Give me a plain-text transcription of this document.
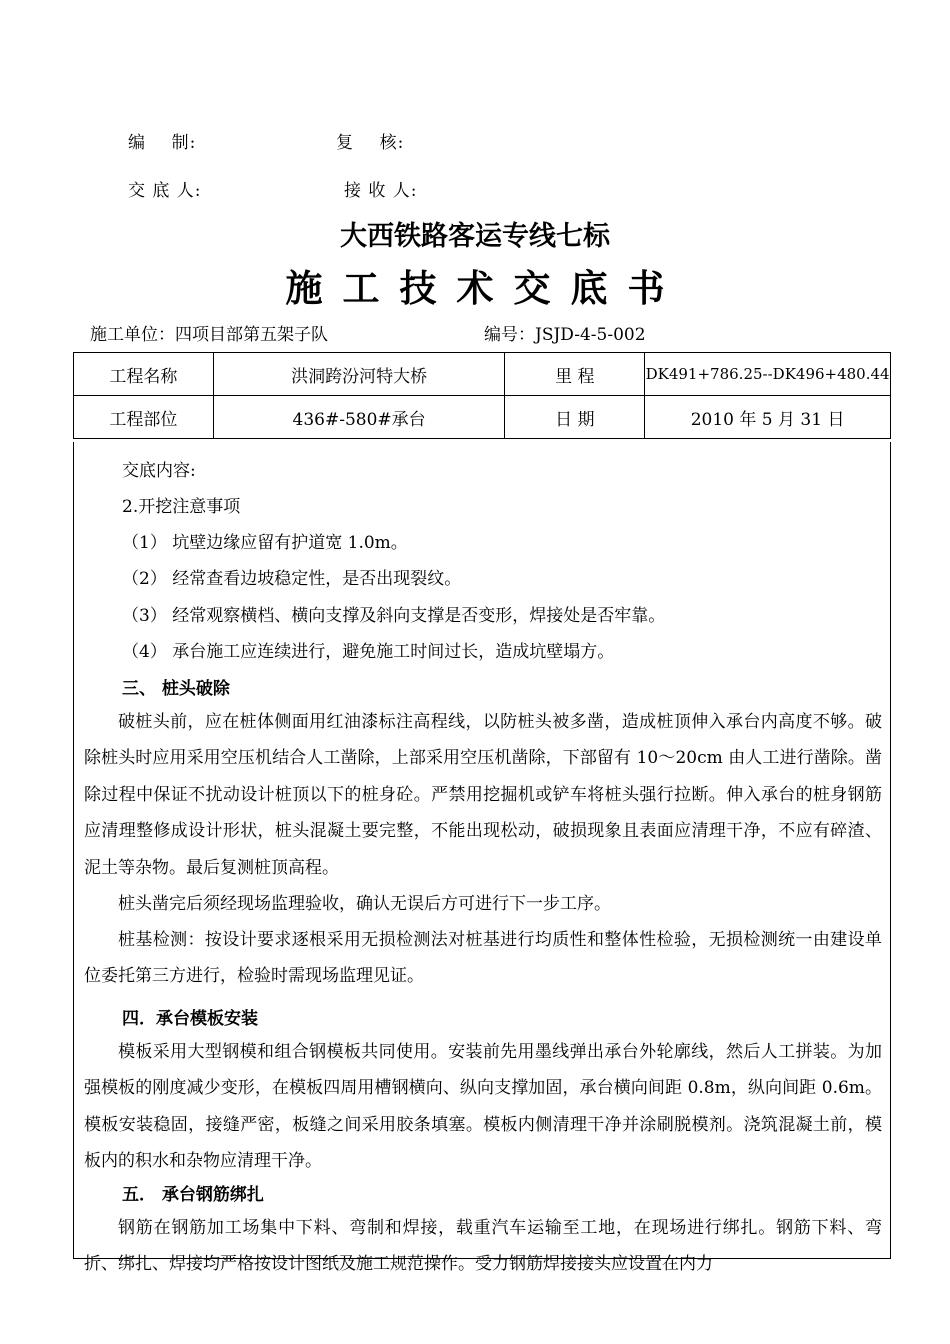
编    制:	复    核:
交 底 人:	接 收 人:
大西铁路客运专线七标
施工技术交底书
施工单位：四项目部第五架子队	编号：JSJD-4-5-002
工程名称	洪洞跨汾河特大桥	里 程	DK491+786.25--DK496+480.44
工程部位	436#-580#承台	日 期	2010 年 5 月 31 日
交底内容:
2.开挖注意事项
（1） 坑壁边缘应留有护道宽 1.0m。
（2） 经常查看边坡稳定性，是否出现裂纹。
（3） 经常观察横档、横向支撑及斜向支撑是否变形，焊接处是否牢靠。
（4） 承台施工应连续进行，避免施工时间过长，造成坑壁塌方。
三、 桩头破除
破桩头前，应在桩体侧面用红油漆标注高程线，以防桩头被多凿，造成桩顶伸入承台内高度不够。破除桩头时应用采用空压机结合人工凿除，上部采用空压机凿除，下部留有 10～20cm 由人工进行凿除。凿除过程中保证不扰动设计桩顶以下的桩身砼。严禁用挖掘机或铲车将桩头强行拉断。伸入承台的桩身钢筋应清理整修成设计形状，桩头混凝土要完整，不能出现松动，破损现象且表面应清理干净，不应有碎渣、泥土等杂物。最后复测桩顶高程。
桩头凿完后须经现场监理验收，确认无误后方可进行下一步工序。
桩基检测：按设计要求逐根采用无损检测法对桩基进行均质性和整体性检验，无损检测统一由建设单位委托第三方进行，检验时需现场监理见证。
四．承台模板安装
模板采用大型钢模和组合钢模板共同使用。安装前先用墨线弹出承台外轮廓线，然后人工拼装。为加强模板的刚度减少变形，在模板四周用槽钢横向、纵向支撑加固，承台横向间距 0.8m，纵向间距 0.6m。模板安装稳固，接缝严密，板缝之间采用胶条填塞。模板内侧清理干净并涂刷脱模剂。浇筑混凝土前，模板内的积水和杂物应清理干净。
五． 承台钢筋绑扎
钢筋在钢筋加工场集中下料、弯制和焊接，载重汽车运输至工地，在现场进行绑扎。钢筋下料、弯折、绑扎、焊接均严格按设计图纸及施工规范操作。受力钢筋焊接接头应设置在内力
